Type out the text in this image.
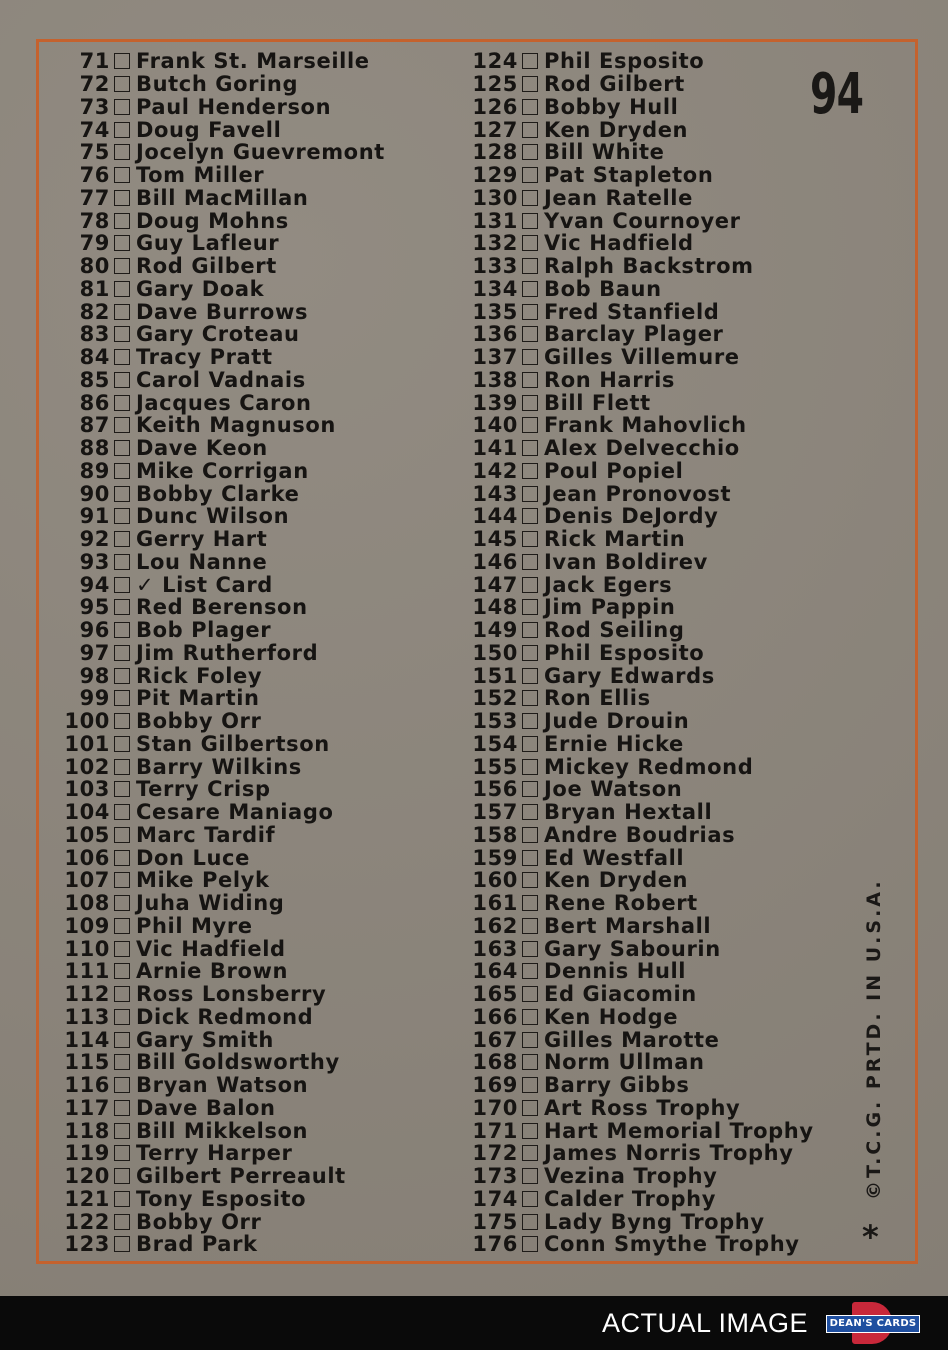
94
71 Frank St. Marseille
72 Butch Goring
73 Paul Henderson
74 Doug Favell
75 Jocelyn Guevremont
76 Tom Miller
77 Bill MacMillan
78 Doug Mohns
79 Guy Lafleur
80 Rod Gilbert
81 Gary Doak
82 Dave Burrows
83 Gary Croteau
84 Tracy Pratt
85 Carol Vadnais
86 Jacques Caron
87 Keith Magnuson
88 Dave Keon
89 Mike Corrigan
90 Bobby Clarke
91 Dunc Wilson
92 Gerry Hart
93 Lou Nanne
94 ✓ List Card
95 Red Berenson
96 Bob Plager
97 Jim Rutherford
98 Rick Foley
99 Pit Martin
100 Bobby Orr
101 Stan Gilbertson
102 Barry Wilkins
103 Terry Crisp
104 Cesare Maniago
105 Marc Tardif
106 Don Luce
107 Mike Pelyk
108 Juha Widing
109 Phil Myre
110 Vic Hadfield
111 Arnie Brown
112 Ross Lonsberry
113 Dick Redmond
114 Gary Smith
115 Bill Goldsworthy
116 Bryan Watson
117 Dave Balon
118 Bill Mikkelson
119 Terry Harper
120 Gilbert Perreault
121 Tony Esposito
122 Bobby Orr
123 Brad Park
124 Phil Esposito
125 Rod Gilbert
126 Bobby Hull
127 Ken Dryden
128 Bill White
129 Pat Stapleton
130 Jean Ratelle
131 Yvan Cournoyer
132 Vic Hadfield
133 Ralph Backstrom
134 Bob Baun
135 Fred Stanfield
136 Barclay Plager
137 Gilles Villemure
138 Ron Harris
139 Bill Flett
140 Frank Mahovlich
141 Alex Delvecchio
142 Poul Popiel
143 Jean Pronovost
144 Denis DeJordy
145 Rick Martin
146 Ivan Boldirev
147 Jack Egers
148 Jim Pappin
149 Rod Seiling
150 Phil Esposito
151 Gary Edwards
152 Ron Ellis
153 Jude Drouin
154 Ernie Hicke
155 Mickey Redmond
156 Joe Watson
157 Bryan Hextall
158 Andre Boudrias
159 Ed Westfall
160 Ken Dryden
161 Rene Robert
162 Bert Marshall
163 Gary Sabourin
164 Dennis Hull
165 Ed Giacomin
166 Ken Hodge
167 Gilles Marotte
168 Norm Ullman
169 Barry Gibbs
170 Art Ross Trophy
171 Hart Memorial Trophy
172 James Norris Trophy
173 Vezina Trophy
174 Calder Trophy
175 Lady Byng Trophy
176 Conn Smythe Trophy
©T.C.G. PRTD. IN U.S.A.
*
ACTUAL IMAGE	DEAN'S CARDS
